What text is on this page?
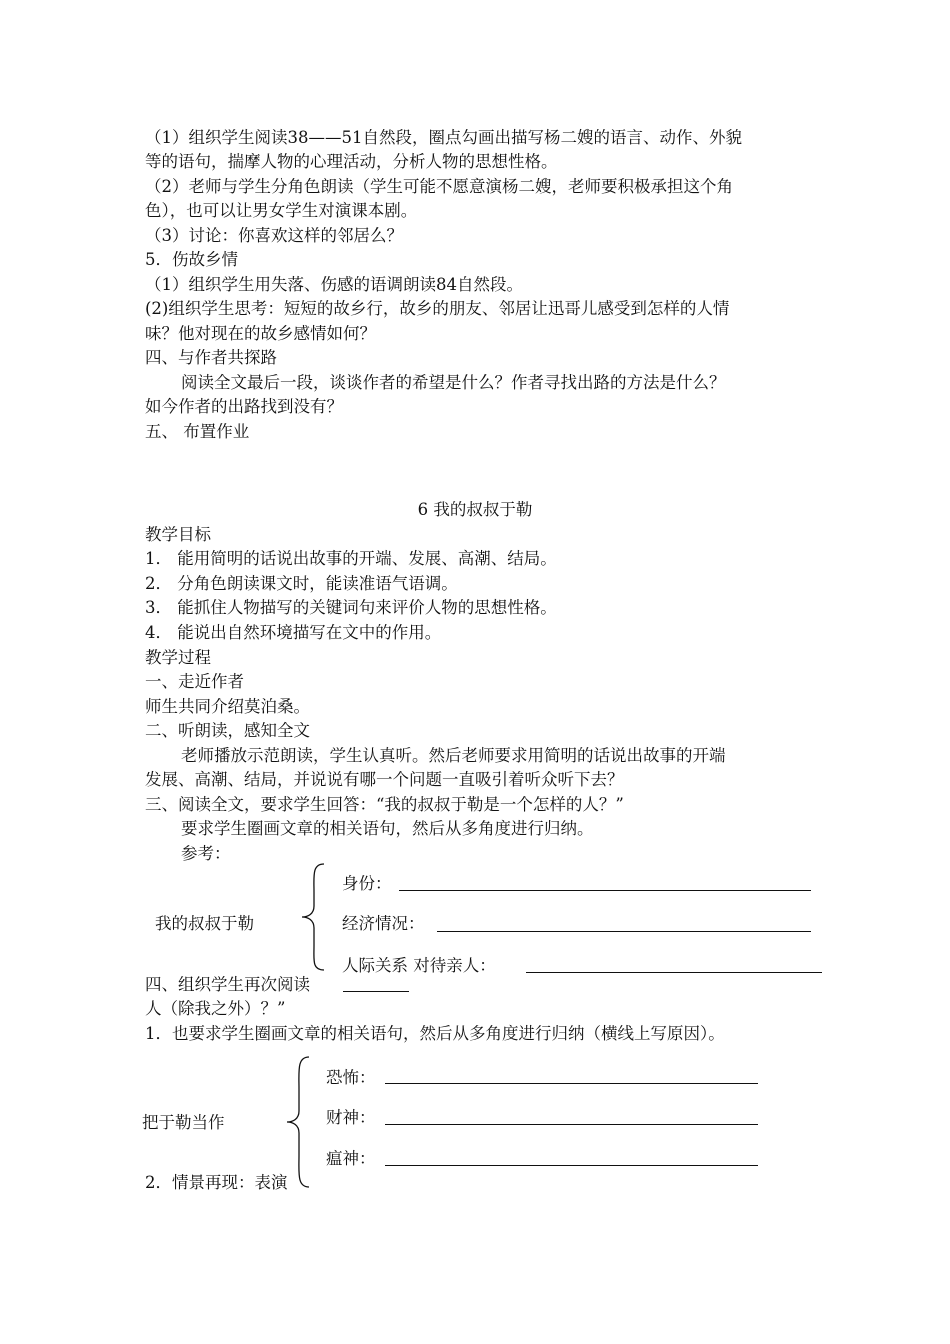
（1）组织学生阅读38——51自然段，圈点勾画出描写杨二嫂的语言、动作、外貌
等的语句，揣摩人物的心理活动，分析人物的思想性格。
（2）老师与学生分角色朗读（学生可能不愿意演杨二嫂，老师要积极承担这个角
色），也可以让男女学生对演课本剧。
（3）讨论：你喜欢这样的邻居么？
5．伤故乡情
（1）组织学生用失落、伤感的语调朗读84自然段。
(2)组织学生思考：短短的故乡行，故乡的朋友、邻居让迅哥儿感受到怎样的人情
味？他对现在的故乡感情如何？
四、与作者共探路
阅读全文最后一段，谈谈作者的希望是什么？作者寻找出路的方法是什么？
如今作者的出路找到没有？
五、 布置作业
6 我的叔叔于勒
教学目标
1． 能用简明的话说出故事的开端、发展、高潮、结局。
2． 分角色朗读课文时，能读准语气语调。
3． 能抓住人物描写的关键词句来评价人物的思想性格。
4． 能说出自然环境描写在文中的作用。
教学过程
一、走近作者
师生共同介绍莫泊桑。
二、听朗读，感知全文
老师播放示范朗读，学生认真听。然后老师要求用简明的话说出故事的开端
发展、高潮、结局，并说说有哪一个问题一直吸引着听众听下去？
三、阅读全文，要求学生回答：“我的叔叔于勒是一个怎样的人？”
要求学生圈画文章的相关语句，然后从多角度进行归纳。
参考：
我的叔叔于勒
身份：
经济情况：
人际关系 对待亲人：
四、组织学生再次阅读
人（除我之外）？”
1．也要求学生圈画文章的相关语句，然后从多角度进行归纳（横线上写原因）。
把于勒当作
恐怖：
财神：
瘟神：
2．情景再现：表演
